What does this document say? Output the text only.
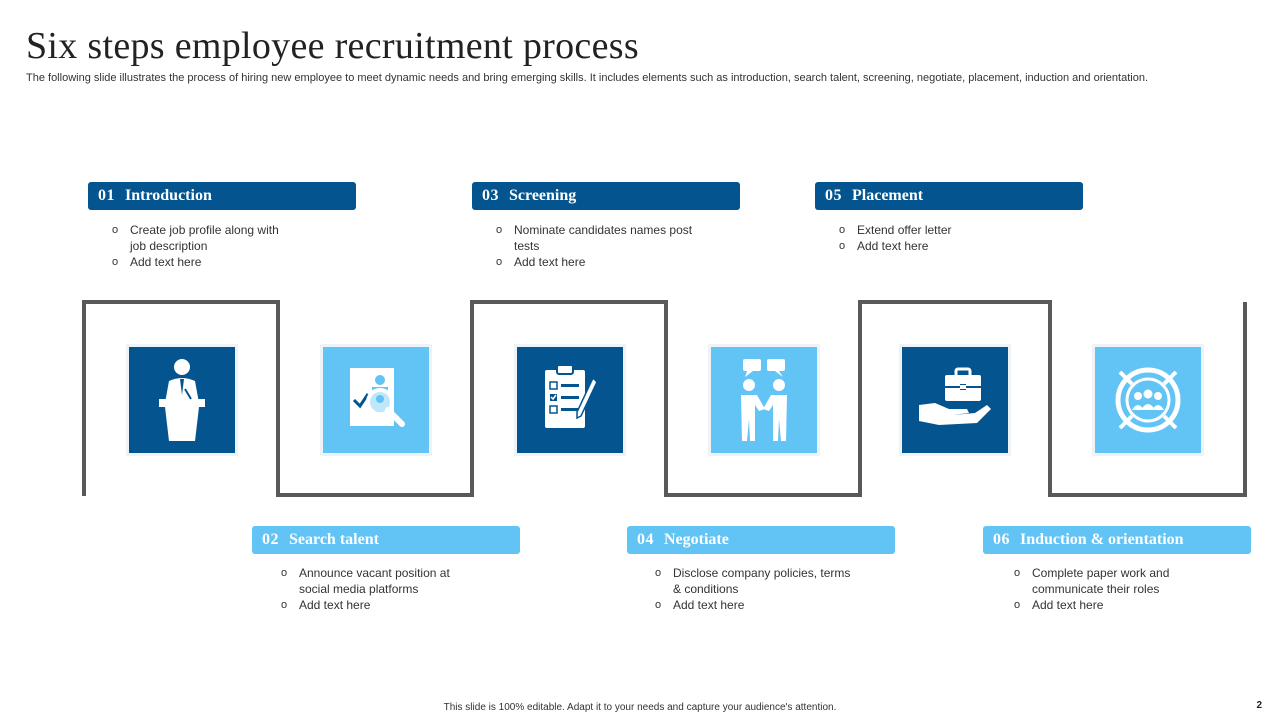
Six steps employee recruitment process
The following slide illustrates the process of hiring new employee to meet dynamic needs and bring emerging skills. It includes elements such as introduction, search talent, screening, negotiate, placement, induction and orientation.
01 Introduction
o Create job profile along with job description
o Add text here
03 Screening
o Nominate candidates names post tests
o Add text here
05 Placement
o Extend offer letter
o Add text here
02 Search talent
o Announce vacant position at social media platforms
o Add text here
04 Negotiate
o Disclose company policies, terms & conditions
o Add text here
06 Induction & orientation
o Complete paper work and communicate their roles
o Add text here
This slide is 100% editable. Adapt it to your needs and capture your audience's attention.	2
